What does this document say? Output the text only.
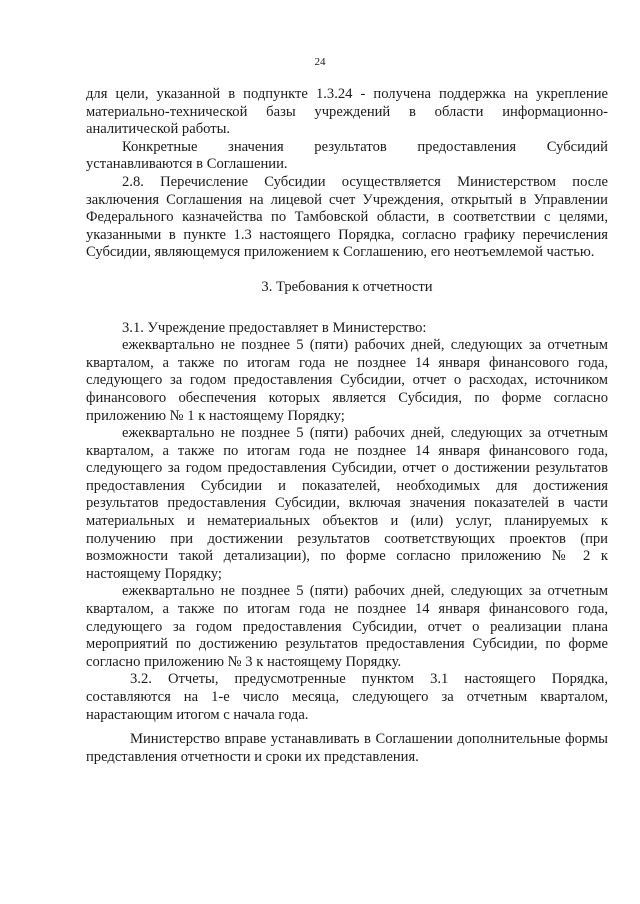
24

для цели, указанной в подпункте 1.3.24 - получена поддержка на укрепление материально-технической базы учреждений в области информационно-аналитической работы.

Конкретные значения результатов предоставления Субсидий устанавливаются в Соглашении.

2.8. Перечисление Субсидии осуществляется Министерством после заключения Соглашения на лицевой счет Учреждения, открытый в Управлении Федерального казначейства по Тамбовской области, в соответствии с целями, указанными в пункте 1.3 настоящего Порядка, согласно графику перечисления Субсидии, являющемуся приложением к Соглашению, его неотъемлемой частью.

3. Требования к отчетности

3.1. Учреждение предоставляет в Министерство:

ежеквартально не позднее 5 (пяти) рабочих дней, следующих за отчетным кварталом, а также по итогам года не позднее 14 января финансового года, следующего за годом предоставления Субсидии, отчет о расходах, источником финансового обеспечения которых является Субсидия, по форме согласно приложению № 1 к настоящему Порядку;

ежеквартально не позднее 5 (пяти) рабочих дней, следующих за отчетным кварталом, а также по итогам года не позднее 14 января финансового года, следующего за годом предоставления Субсидии, отчет о достижении результатов предоставления Субсидии и показателей, необходимых для достижения результатов предоставления Субсидии, включая значения показателей в части материальных и нематериальных объектов и (или) услуг, планируемых к получению при достижении результатов соответствующих проектов (при возможности такой детализации), по форме согласно приложению № 2 к настоящему Порядку;

ежеквартально не позднее 5 (пяти) рабочих дней, следующих за отчетным кварталом, а также по итогам года не позднее 14 января финансового года, следующего за годом предоставления Субсидии, отчет о реализации плана мероприятий по достижению результатов предоставления Субсидии, по форме согласно приложению № 3 к настоящему Порядку.

3.2. Отчеты, предусмотренные пунктом 3.1 настоящего Порядка, составляются на 1-е число месяца, следующего за отчетным кварталом, нарастающим итогом с начала года.

Министерство вправе устанавливать в Соглашении дополнительные формы представления отчетности и сроки их представления.
